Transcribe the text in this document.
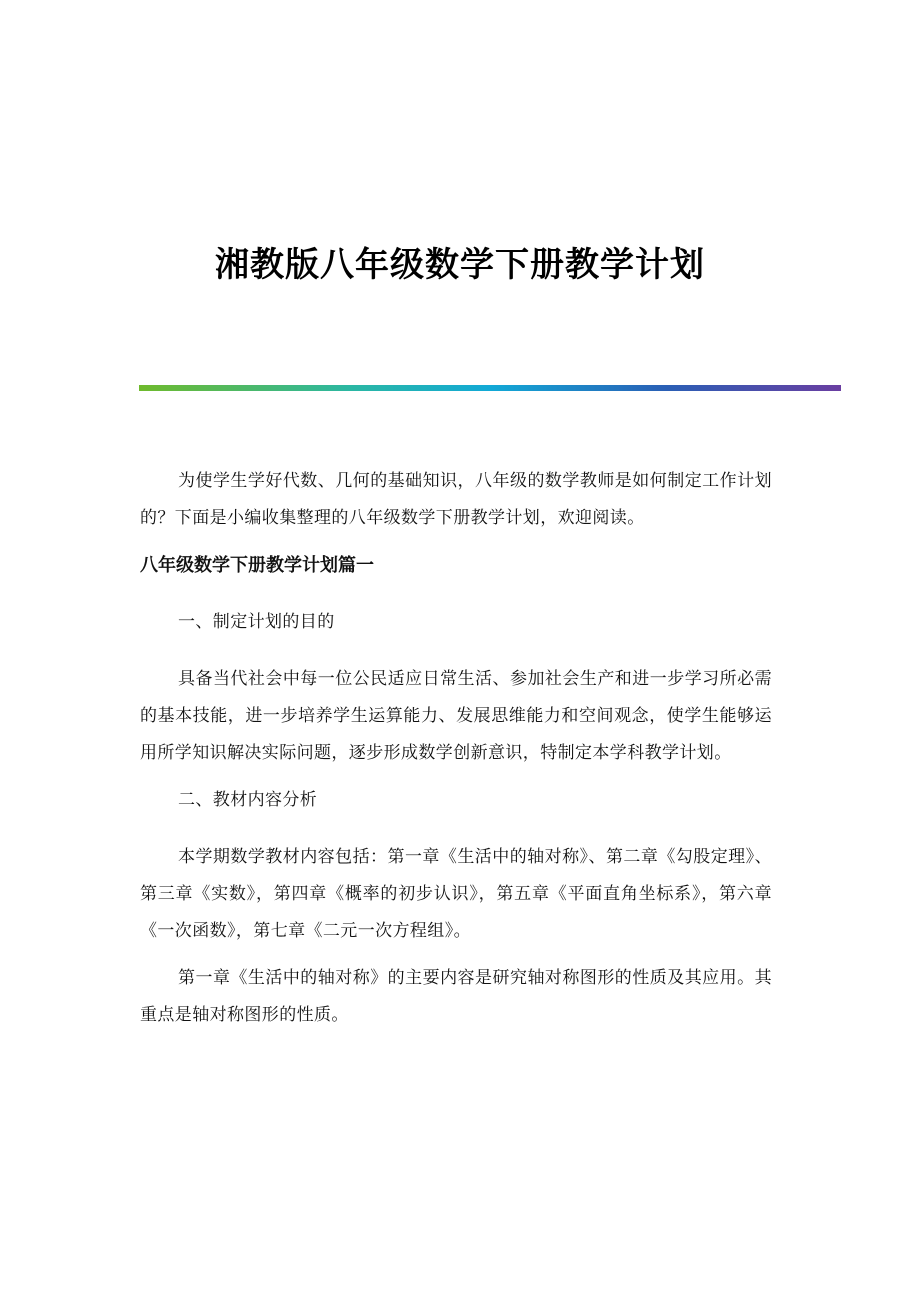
湘教版八年级数学下册教学计划

为使学生学好代数、几何的基础知识，八年级的数学教师是如何制定工作计划的？下面是小编收集整理的八年级数学下册教学计划，欢迎阅读。

八年级数学下册教学计划篇一

一、制定计划的目的

具备当代社会中每一位公民适应日常生活、参加社会生产和进一步学习所必需的基本技能，进一步培养学生运算能力、发展思维能力和空间观念，使学生能够运用所学知识解决实际问题，逐步形成数学创新意识，特制定本学科教学计划。

二、教材内容分析

本学期数学教材内容包括：第一章《生活中的轴对称》、第二章《勾股定理》、第三章《实数》，第四章《概率的初步认识》，第五章《平面直角坐标系》，第六章《一次函数》，第七章《二元一次方程组》。

第一章《生活中的轴对称》的主要内容是研究轴对称图形的性质及其应用。其重点是轴对称图形的性质。
